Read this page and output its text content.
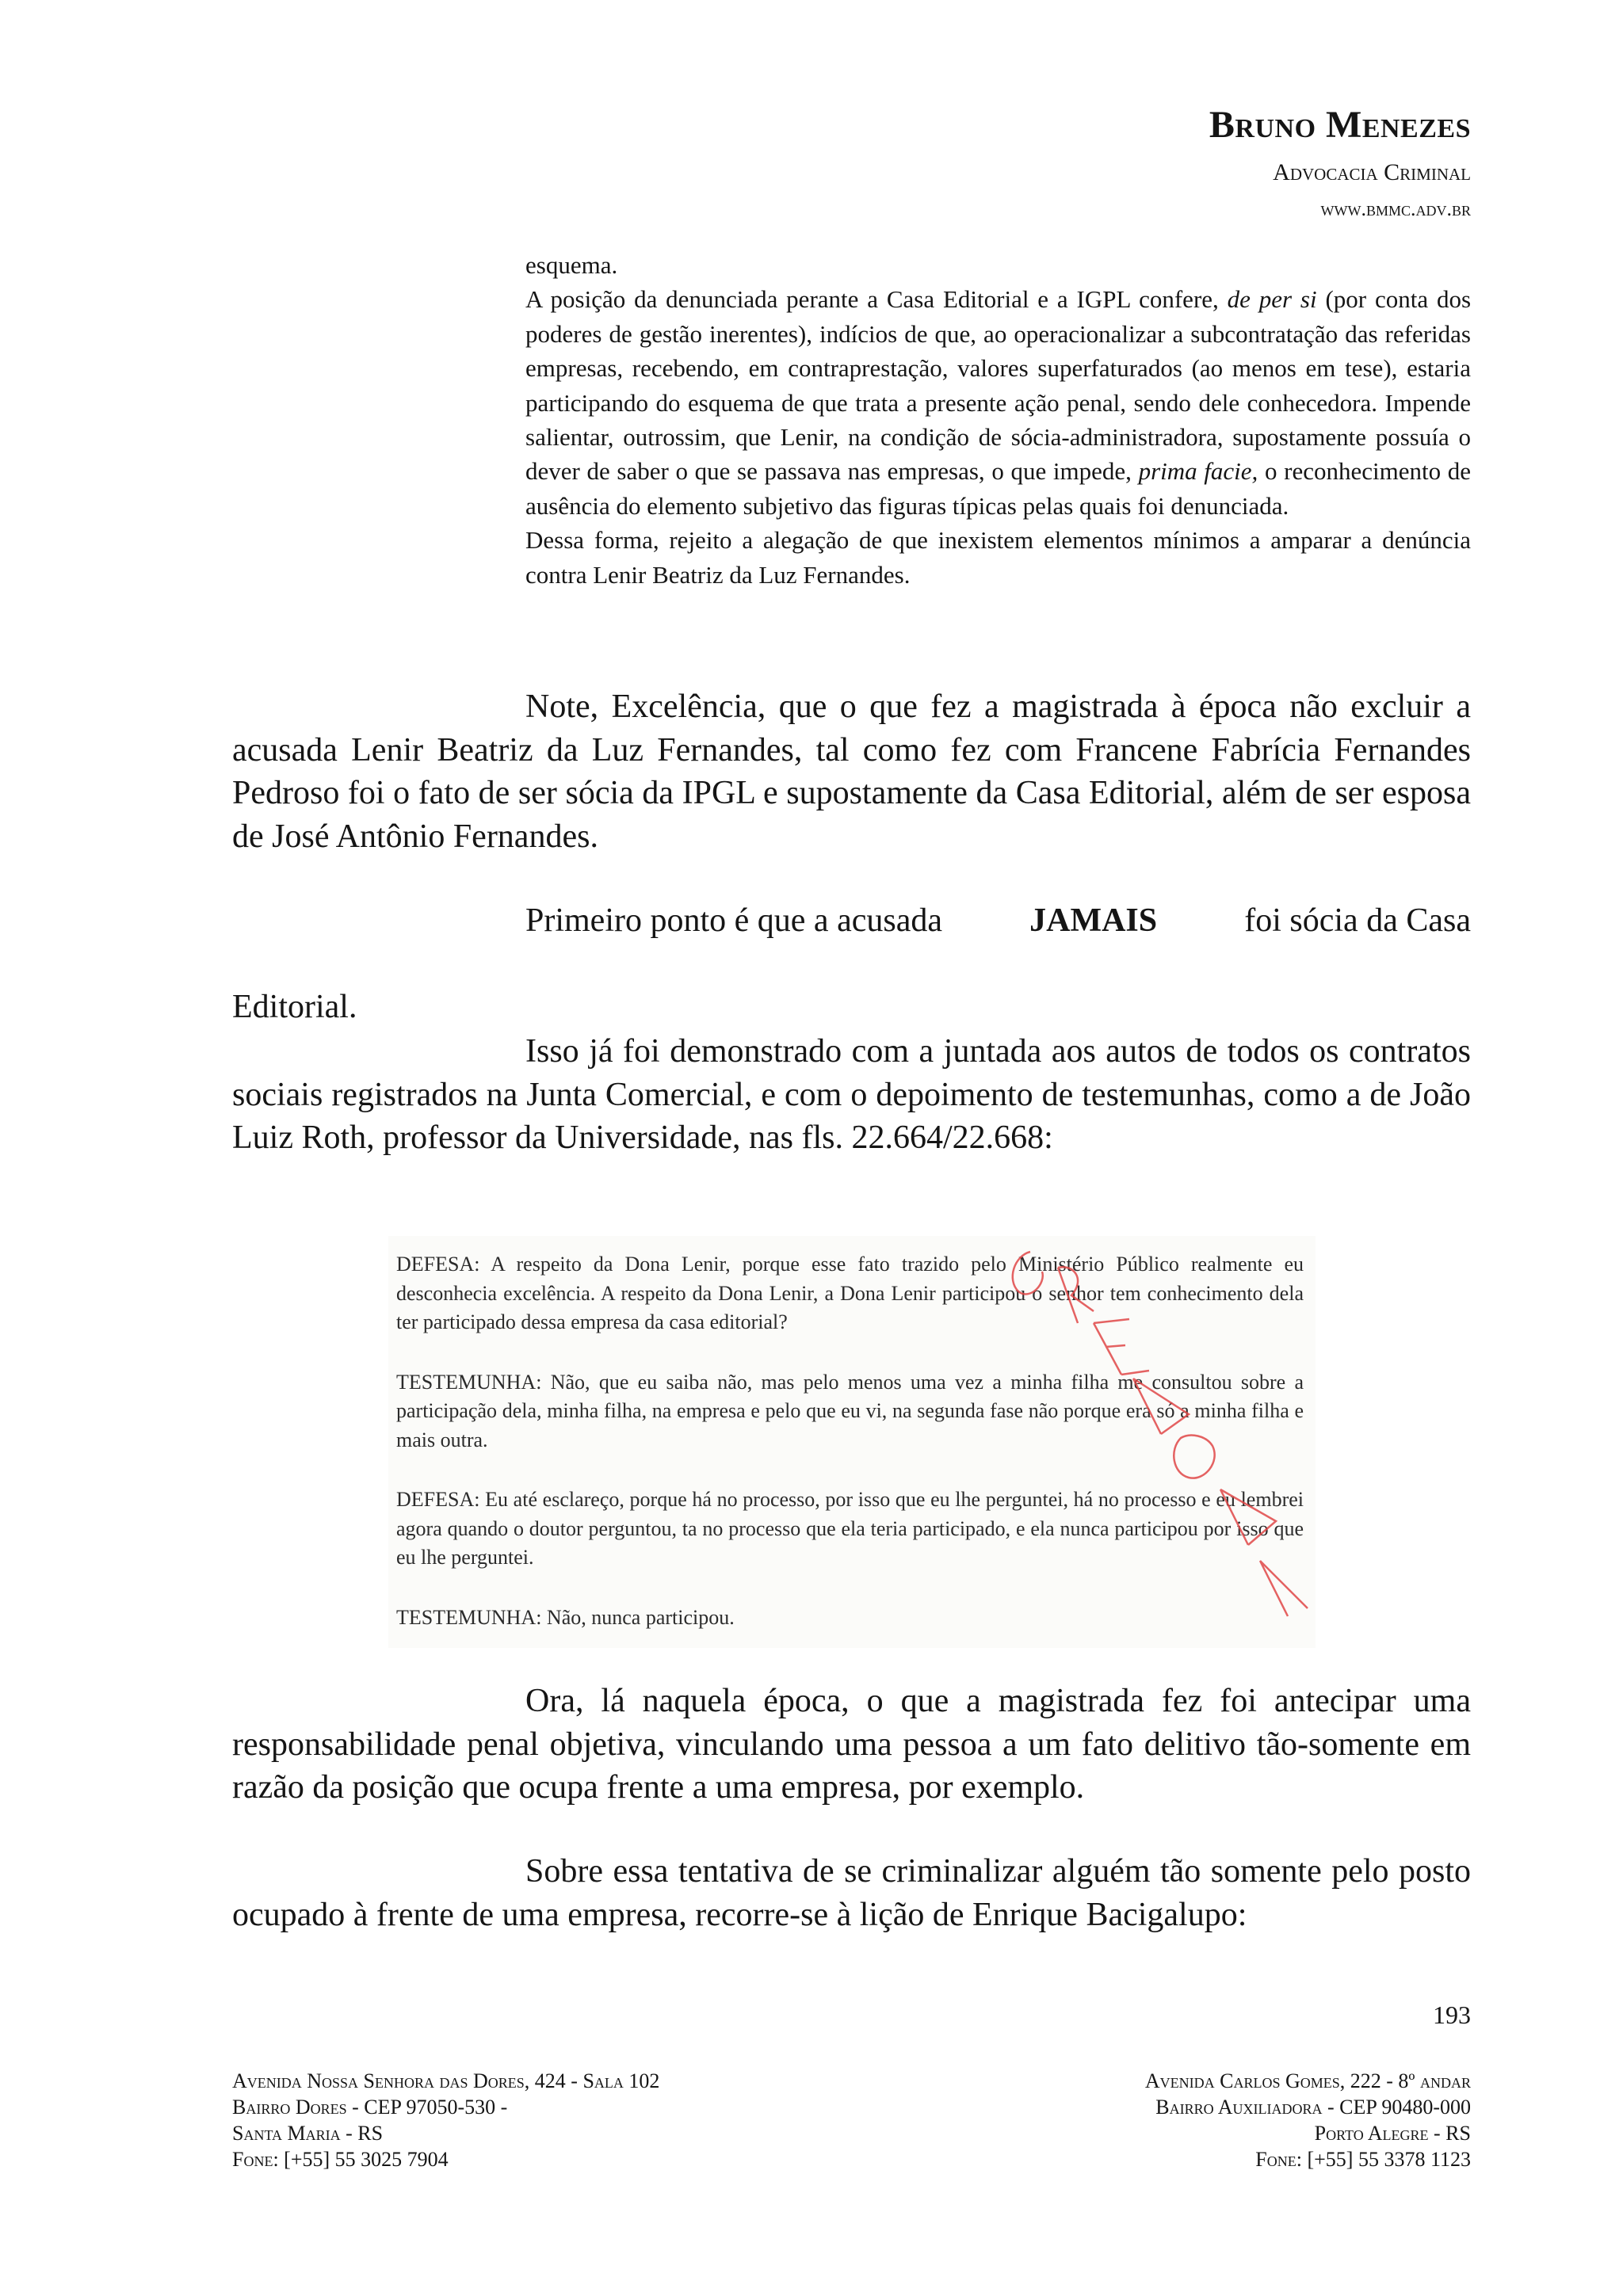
Bruno Menezes
Advocacia Criminal
www.bmmc.adv.br

esquema.

A posição da denunciada perante a Casa Editorial e a IGPL confere, de per si (por conta dos poderes de gestão inerentes), indícios de que, ao operacionalizar a subcontratação das referidas empresas, recebendo, em contraprestação, valores superfaturados (ao menos em tese), estaria participando do esquema de que trata a presente ação penal, sendo dele conhecedora. Impende salientar, outrossim, que Lenir, na condição de sócia-administradora, supostamente possuía o dever de saber o que se passava nas empresas, o que impede, prima facie, o reconhecimento de ausência do elemento subjetivo das figuras típicas pelas quais foi denunciada.

Dessa forma, rejeito a alegação de que inexistem elementos mínimos a amparar a denúncia contra Lenir Beatriz da Luz Fernandes.

Note, Excelência, que o que fez a magistrada à época não excluir a acusada Lenir Beatriz da Luz Fernandes, tal como fez com Francene Fabrícia Fernandes Pedroso foi o fato de ser sócia da IPGL e supostamente da Casa Editorial, além de ser esposa de José Antônio Fernandes.
Primeiro ponto é que a acusada	JAMAIS	foi sócia da Casa
Editorial.
Isso já foi demonstrado com a juntada aos autos de todos os contratos sociais registrados na Junta Comercial, e com o depoimento de testemunhas, como a de João Luiz Roth, professor da Universidade, nas fls. 22.664/22.668:

DEFESA: A respeito da Dona Lenir, porque esse fato trazido pelo Ministério Público realmente eu desconhecia excelência. A respeito da Dona Lenir, a Dona Lenir participou o senhor tem conhecimento dela ter participado dessa empresa da casa editorial?

TESTEMUNHA: Não, que eu saiba não, mas pelo menos uma vez a minha filha me consultou sobre a participação dela, minha filha, na empresa e pelo que eu vi, na segunda fase não porque era só a minha filha e mais outra.

DEFESA: Eu até esclareço, porque há no processo, por isso que eu lhe perguntei, há no processo e eu lembrei agora quando o doutor perguntou, ta no processo que ela teria participado, e ela nunca participou por isso que eu lhe perguntei.

TESTEMUNHA: Não, nunca participou.

Ora, lá naquela época, o que a magistrada fez foi antecipar uma responsabilidade penal objetiva, vinculando uma pessoa a um fato delitivo tão-somente em razão da posição que ocupa frente a uma empresa, por exemplo.
Sobre essa tentativa de se criminalizar alguém tão somente pelo posto ocupado à frente de uma empresa, recorre-se à lição de Enrique Bacigalupo:
193
Avenida Nossa Senhora das Dores, 424 - Sala 102
Bairro Dores - CEP 97050-530 -
Santa Maria - RS
Fone: [+55] 55 3025 7904
Avenida Carlos Gomes, 222 - 8º andar
Bairro Auxiliadora - CEP 90480-000
Porto Alegre - RS
Fone: [+55] 55 3378 1123
